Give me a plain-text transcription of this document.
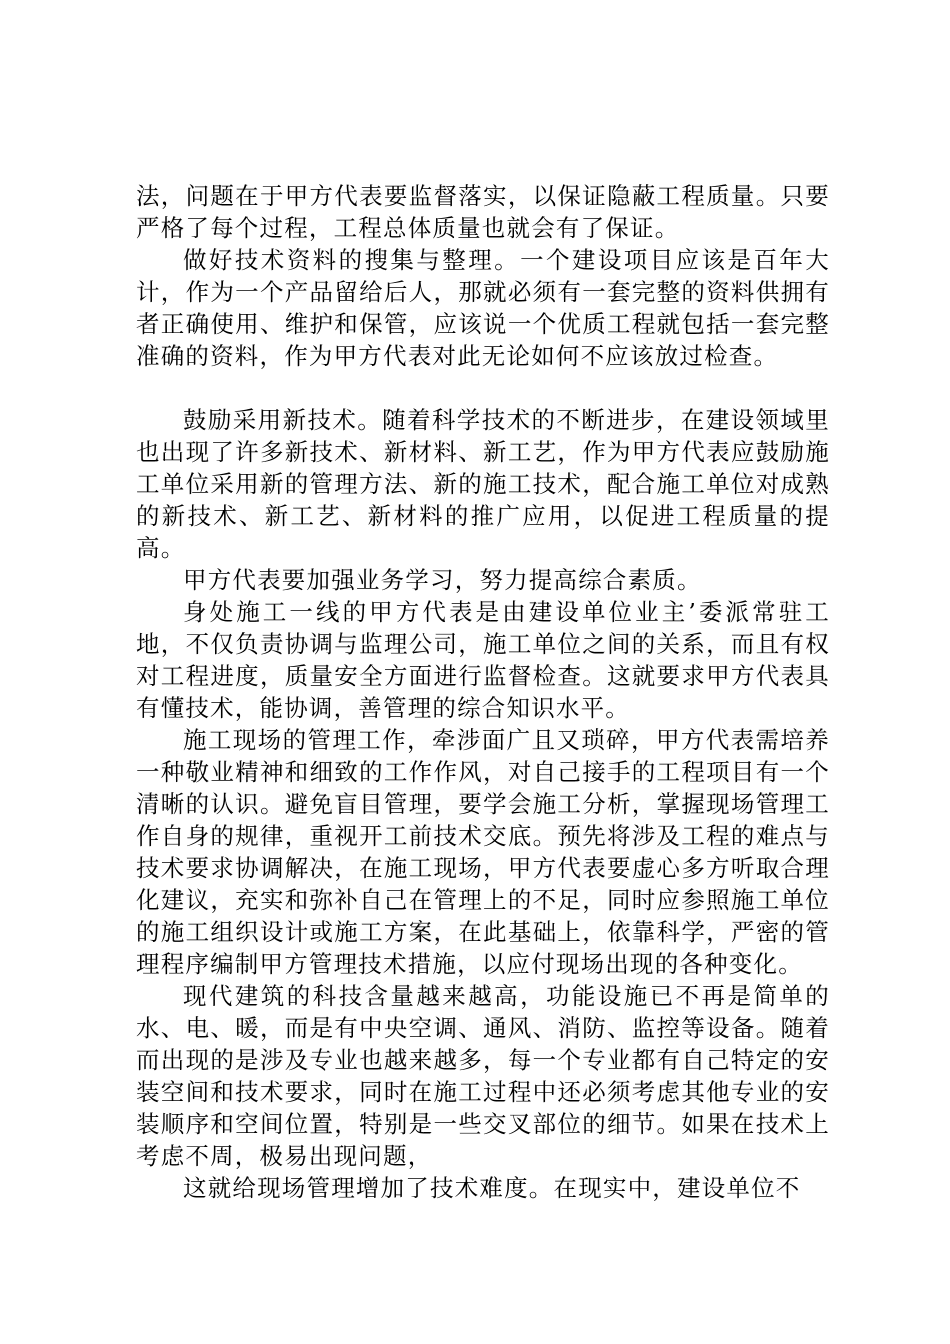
法，问题在于甲方代表要监督落实，以保证隐蔽工程质量。只要严格了每个过程，工程总体质量也就会有了保证。

做好技术资料的搜集与整理。一个建设项目应该是百年大计，作为一个产品留给后人，那就必须有一套完整的资料供拥有者正确使用、维护和保管，应该说一个优质工程就包括一套完整准确的资料，作为甲方代表对此无论如何不应该放过检查。

鼓励采用新技术。随着科学技术的不断进步，在建设领域里也出现了许多新技术、新材料、新工艺，作为甲方代表应鼓励施工单位采用新的管理方法、新的施工技术，配合施工单位对成熟的新技术、新工艺、新材料的推广应用，以促进工程质量的提高。

甲方代表要加强业务学习，努力提高综合素质。

身处施工一线的甲方代表是由建设单位业主’委派常驻工地，不仅负责协调与监理公司，施工单位之间的关系，而且有权对工程进度，质量安全方面进行监督检查。这就要求甲方代表具有懂技术，能协调，善管理的综合知识水平。

施工现场的管理工作，牵涉面广且又琐碎，甲方代表需培养一种敬业精神和细致的工作作风，对自己接手的工程项目有一个清晰的认识。避免盲目管理，要学会施工分析，掌握现场管理工作自身的规律，重视开工前技术交底。预先将涉及工程的难点与技术要求协调解决，在施工现场，甲方代表要虚心多方听取合理化建议，充实和弥补自己在管理上的不足，同时应参照施工单位的施工组织设计或施工方案，在此基础上，依靠科学，严密的管理程序编制甲方管理技术措施，以应付现场出现的各种变化。

现代建筑的科技含量越来越高，功能设施已不再是简单的水、电、暖，而是有中央空调、通风、消防、监控等设备。随着而出现的是涉及专业也越来越多，每一个专业都有自己特定的安装空间和技术要求，同时在施工过程中还必须考虑其他专业的安装顺序和空间位置，特别是一些交叉部位的细节。如果在技术上考虑不周，极易出现问题，

这就给现场管理增加了技术难度。在现实中，建设单位不
